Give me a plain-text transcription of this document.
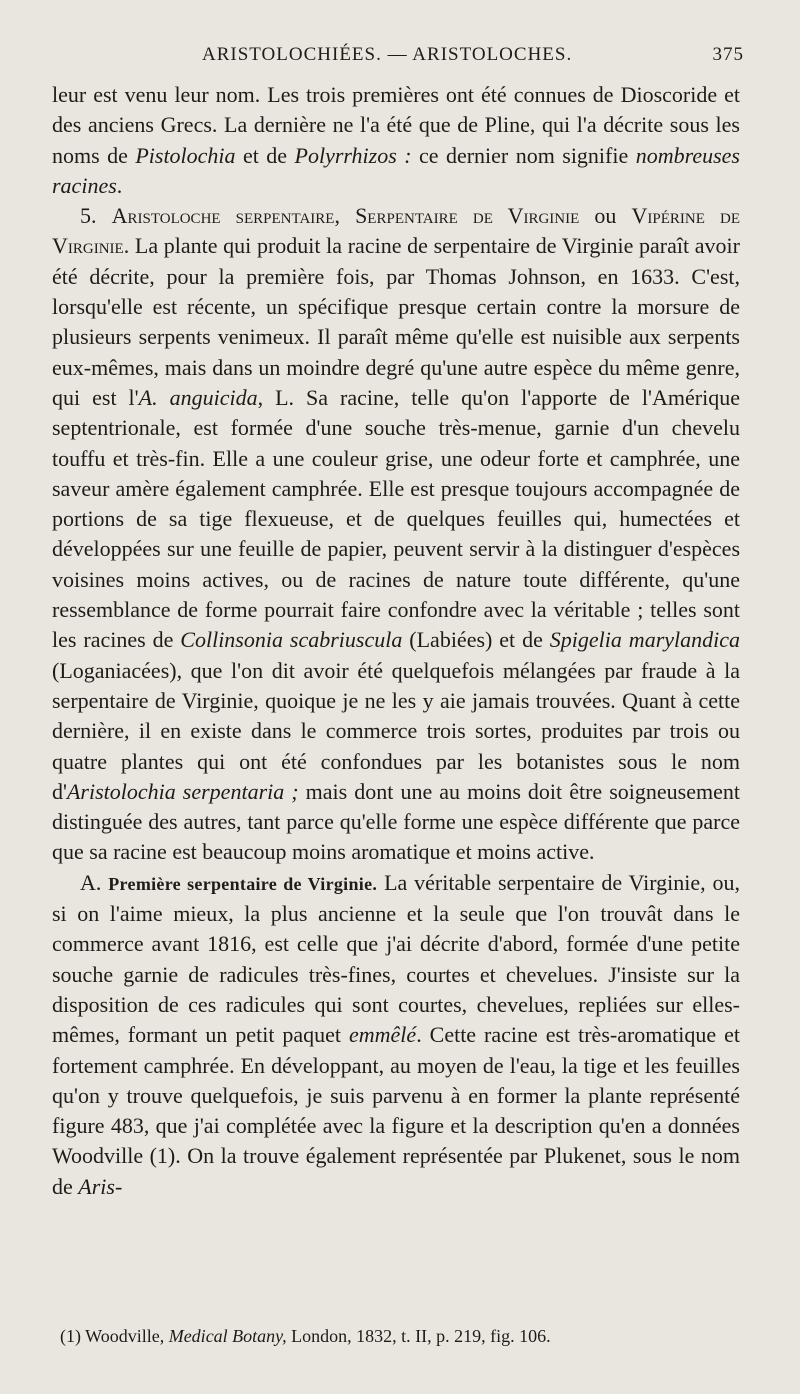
ARISTOLOCHIÉES. — ARISTOLOCHES.	375

leur est venu leur nom. Les trois premières ont été connues de Dioscoride et des anciens Grecs. La dernière ne l'a été que de Pline, qui l'a décrite sous les noms de Pistolochia et de Polyrrhizos : ce dernier nom signifie nombreuses racines.

5. Aristoloche serpentaire, Serpentaire de Virginie ou Vipérine de Virginie. La plante qui produit la racine de serpentaire de Virginie paraît avoir été décrite, pour la première fois, par Thomas Johnson, en 1633. C'est, lorsqu'elle est récente, un spécifique presque certain contre la morsure de plusieurs serpents venimeux. Il paraît même qu'elle est nuisible aux serpents eux-mêmes, mais dans un moindre degré qu'une autre espèce du même genre, qui est l'A. anguicida, L. Sa racine, telle qu'on l'apporte de l'Amérique septentrionale, est formée d'une souche très-menue, garnie d'un chevelu touffu et très-fin. Elle a une couleur grise, une odeur forte et camphrée, une saveur amère également camphrée. Elle est presque toujours accompagnée de portions de sa tige flexueuse, et de quelques feuilles qui, humectées et développées sur une feuille de papier, peuvent servir à la distinguer d'espèces voisines moins actives, ou de racines de nature toute différente, qu'une ressemblance de forme pourrait faire confondre avec la véritable ; telles sont les racines de Collinsonia scabriuscula (Labiées) et de Spigelia marylandica (Loganiacées), que l'on dit avoir été quelquefois mélangées par fraude à la serpentaire de Virginie, quoique je ne les y aie jamais trouvées. Quant à cette dernière, il en existe dans le commerce trois sortes, produites par trois ou quatre plantes qui ont été confondues par les botanistes sous le nom d'Aristolochia serpentaria ; mais dont une au moins doit être soigneusement distinguée des autres, tant parce qu'elle forme une espèce différente que parce que sa racine est beaucoup moins aromatique et moins active.

A. Première serpentaire de Virginie. La véritable serpentaire de Virginie, ou, si on l'aime mieux, la plus ancienne et la seule que l'on trouvât dans le commerce avant 1816, est celle que j'ai décrite d'abord, formée d'une petite souche garnie de radicules très-fines, courtes et chevelues. J'insiste sur la disposition de ces radicules qui sont courtes, chevelues, repliées sur elles-mêmes, formant un petit paquet emmêlé. Cette racine est très-aromatique et fortement camphrée. En développant, au moyen de l'eau, la tige et les feuilles qu'on y trouve quelquefois, je suis parvenu à en former la plante représenté figure 483, que j'ai complétée avec la figure et la description qu'en a données Woodville (1). On la trouve également représentée par Plukenet, sous le nom de Aris-

(1) Woodville, Medical Botany, London, 1832, t. II, p. 219, fig. 106.
